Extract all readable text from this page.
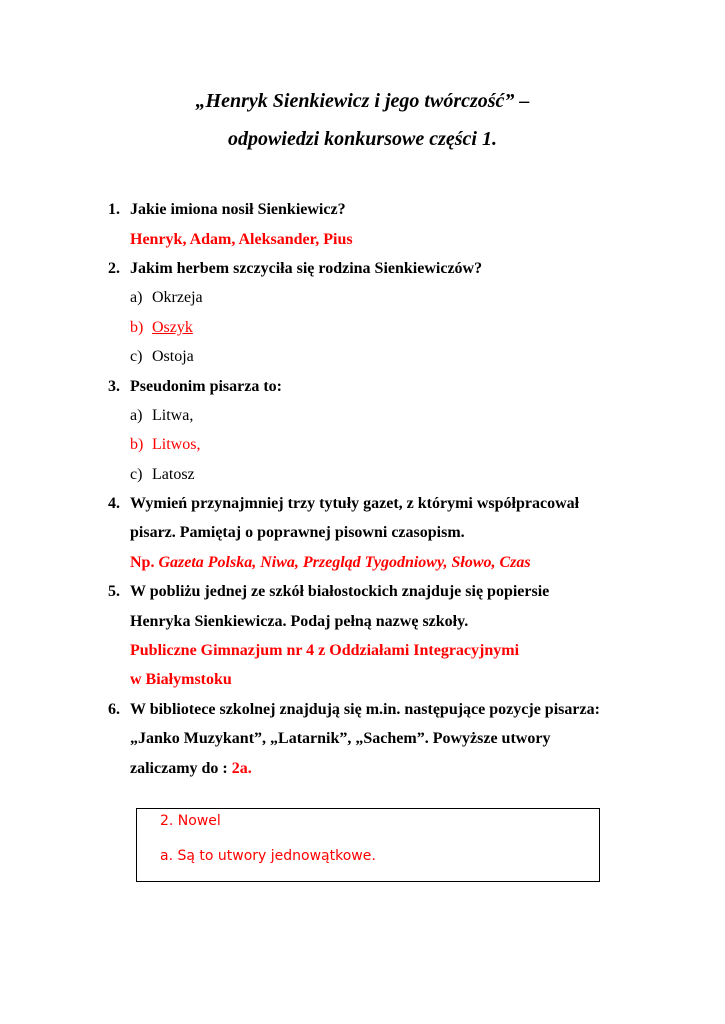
„Henryk Sienkiewicz i jego twórczość” –
odpowiedzi konkursowe części 1.
1. Jakie imiona nosił Sienkiewicz?
Henryk, Adam, Aleksander, Pius
2. Jakim herbem szczyciła się rodzina Sienkiewiczów?
a) Okrzeja
b) Oszyk
c) Ostoja
3. Pseudonim pisarza to:
a) Litwa,
b) Litwos,
c) Latosz
4. Wymień przynajmniej trzy tytuły gazet, z którymi współpracował
pisarz. Pamiętaj o poprawnej pisowni czasopism.
Np. Gazeta Polska, Niwa, Przegląd Tygodniowy, Słowo, Czas
5. W pobliżu jednej ze szkół białostockich znajduje się popiersie
Henryka Sienkiewicza. Podaj pełną nazwę szkoły.
Publiczne Gimnazjum nr 4 z Oddziałami Integracyjnymi
w Białymstoku
6. W bibliotece szkolnej znajdują się m.in. następujące pozycje pisarza:
„Janko Muzykant”, „Latarnik”, „Sachem”. Powyższe utwory
zaliczamy do : 2a.
2. Nowel
a. Są to utwory jednowątkowe.
